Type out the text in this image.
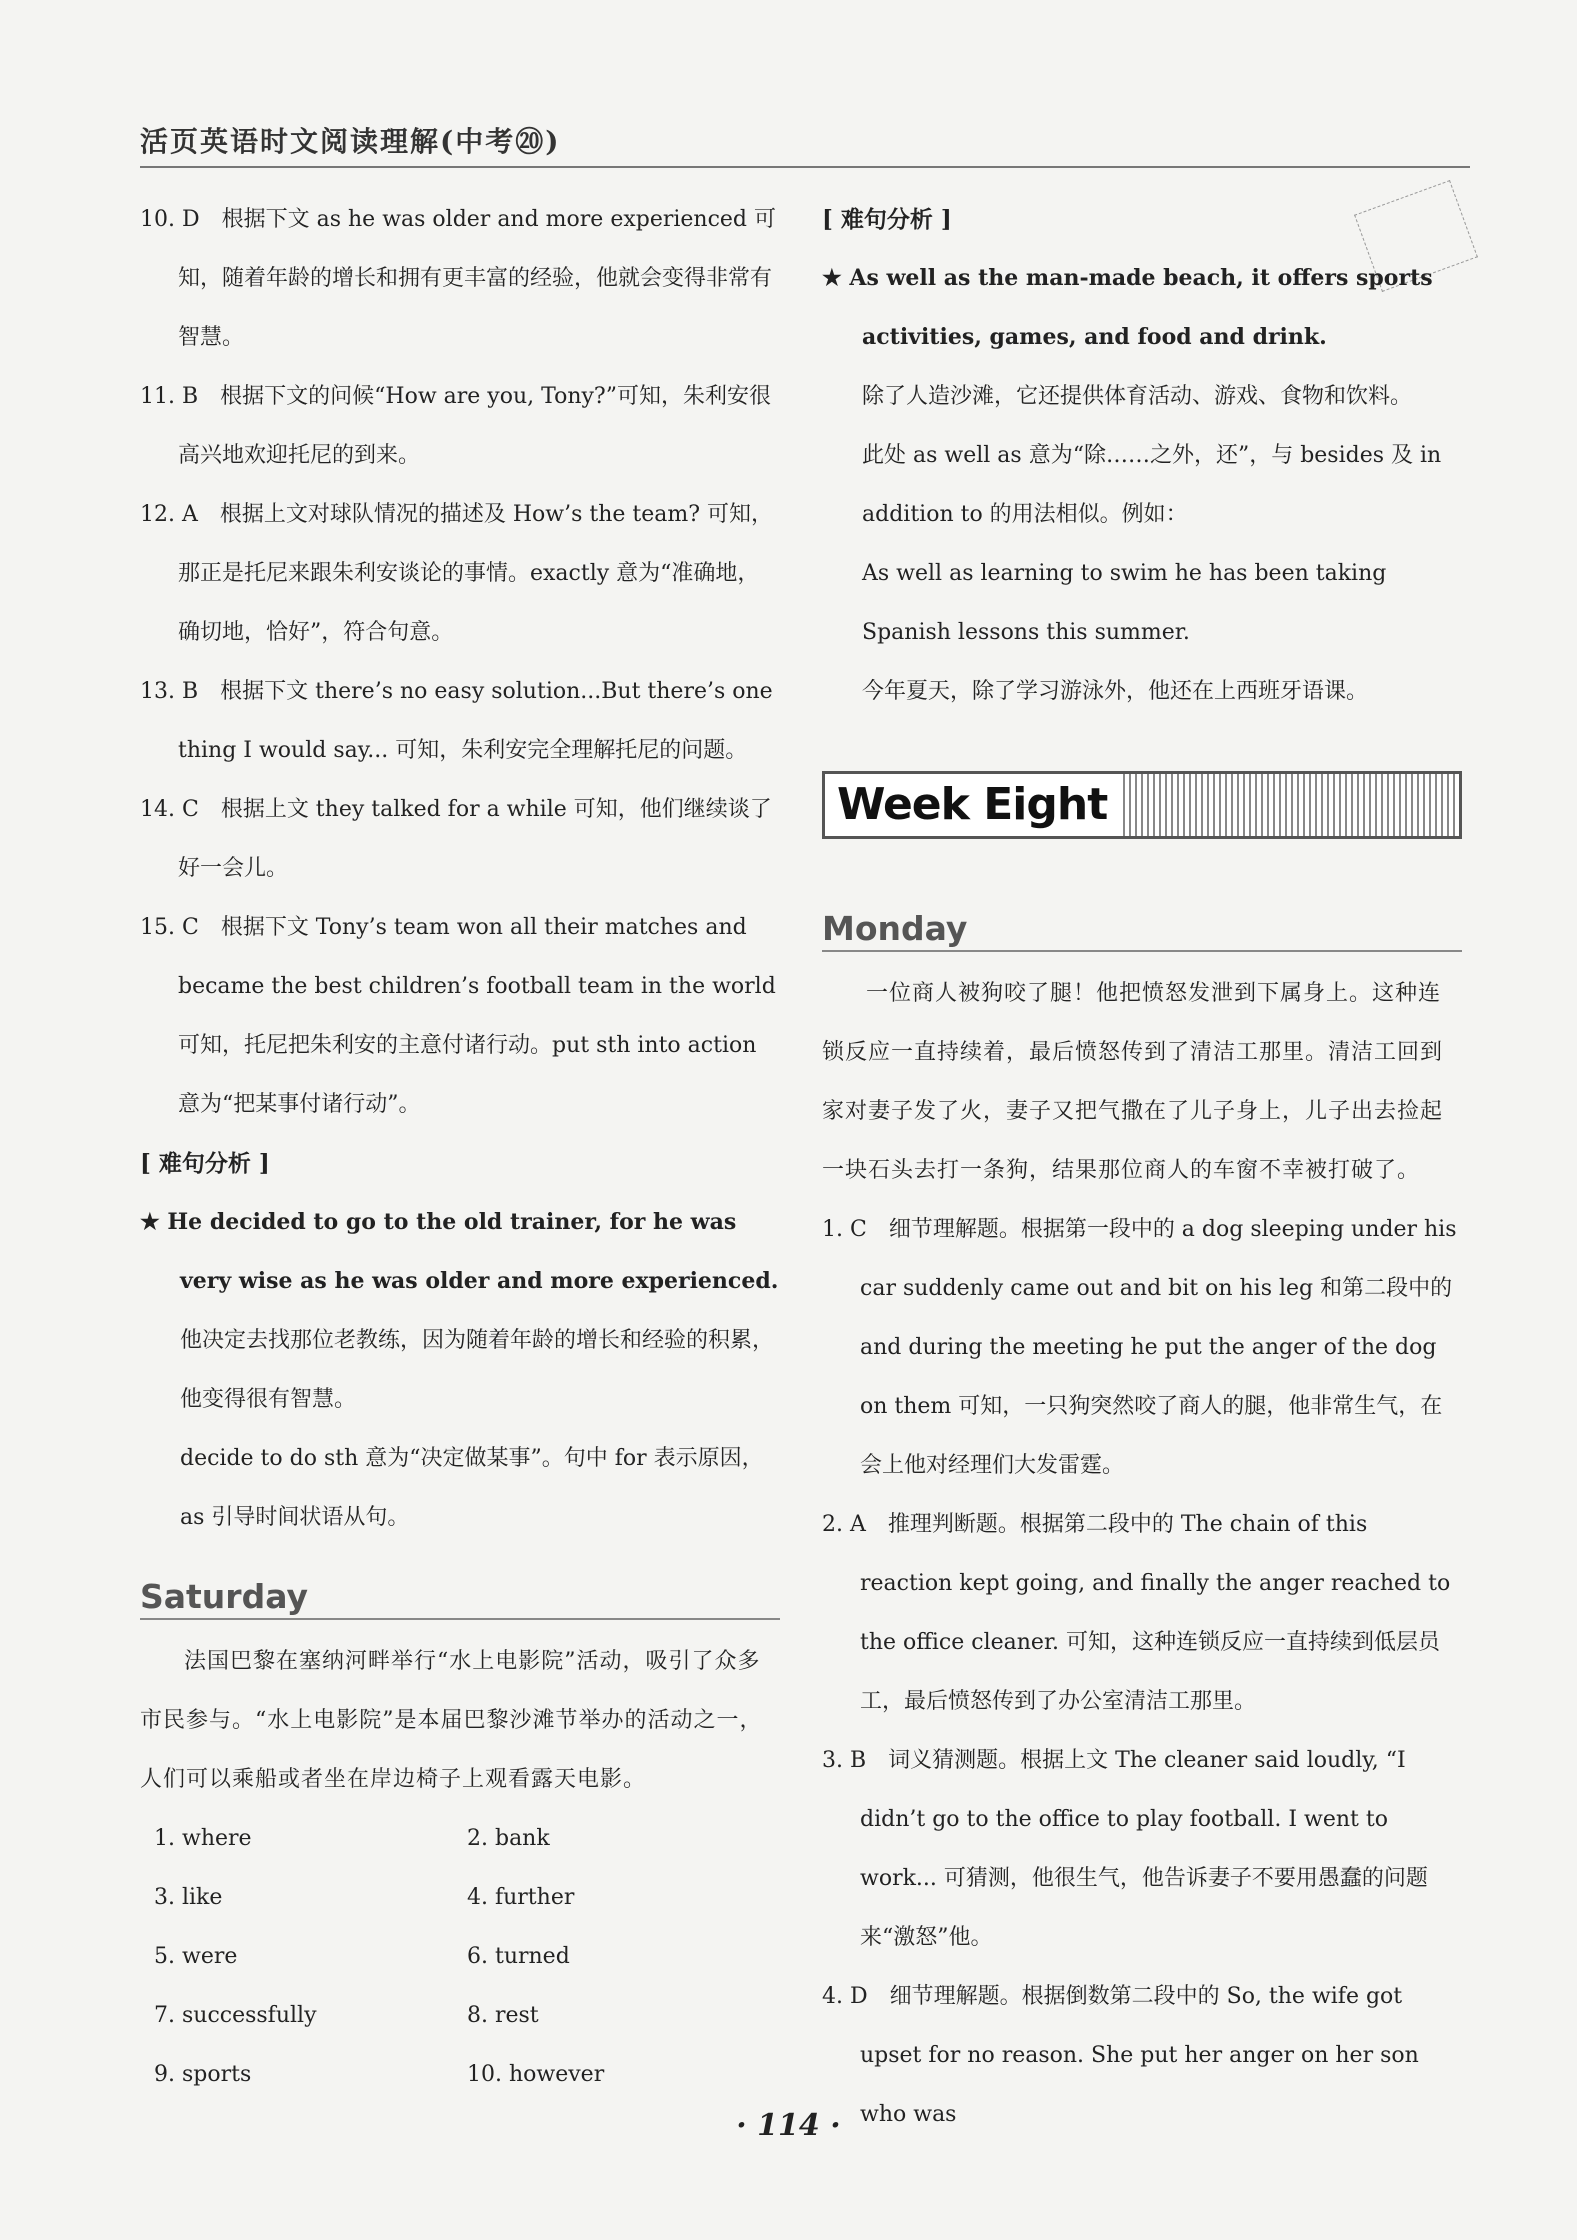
活页英语时文阅读理解(中考⑳)

10. D　根据下文 as he was older and more experienced 可知，随着年龄的增长和拥有更丰富的经验，他就会变得非常有智慧。

11. B　根据下文的问候“How are you, Tony?”可知，朱利安很高兴地欢迎托尼的到来。

12. A　根据上文对球队情况的描述及 How’s the team? 可知，那正是托尼来跟朱利安谈论的事情。exactly 意为“准确地，确切地，恰好”，符合句意。

13. B　根据下文 there’s no easy solution...But there’s one thing I would say... 可知，朱利安完全理解托尼的问题。

14. C　根据上文 they talked for a while 可知，他们继续谈了好一会儿。

15. C　根据下文 Tony’s team won all their matches and became the best children’s football team in the world 可知，托尼把朱利安的主意付诸行动。put sth into action 意为“把某事付诸行动”。

[ 难句分析 ]

★ He decided to go to the old trainer, for he was very wise as he was older and more experienced.

他决定去找那位老教练，因为随着年龄的增长和经验的积累，他变得很有智慧。

decide to do sth 意为“决定做某事”。句中 for 表示原因，as 引导时间状语从句。

Saturday

法国巴黎在塞纳河畔举行“水上电影院”活动，吸引了众多市民参与。“水上电影院”是本届巴黎沙滩节举办的活动之一，人们可以乘船或者坐在岸边椅子上观看露天电影。

1. where	2. bank
3. like	4. further
5. were	6. turned
7. successfully	8. rest
9. sports	10. however

[ 难句分析 ]

★ As well as the man-made beach, it offers sports activities, games, and food and drink.

除了人造沙滩，它还提供体育活动、游戏、食物和饮料。

此处 as well as 意为“除……之外，还”，与 besides 及 in addition to 的用法相似。例如：

As well as learning to swim he has been taking Spanish lessons this summer.

今年夏天，除了学习游泳外，他还在上西班牙语课。

Week Eight
Monday

一位商人被狗咬了腿！他把愤怒发泄到下属身上。这种连锁反应一直持续着，最后愤怒传到了清洁工那里。清洁工回到家对妻子发了火，妻子又把气撒在了儿子身上，儿子出去捡起一块石头去打一条狗，结果那位商人的车窗不幸被打破了。

1. C　细节理解题。根据第一段中的 a dog sleeping under his car suddenly came out and bit on his leg 和第二段中的 and during the meeting he put the anger of the dog on them 可知，一只狗突然咬了商人的腿，他非常生气，在会上他对经理们大发雷霆。

2. A　推理判断题。根据第二段中的 The chain of this reaction kept going, and finally the anger reached to the office cleaner. 可知，这种连锁反应一直持续到低层员工，最后愤怒传到了办公室清洁工那里。

3. B　词义猜测题。根据上文 The cleaner said loudly, “I didn’t go to the office to play football. I went to work... 可猜测，他很生气，他告诉妻子不要用愚蠢的问题来“激怒”他。

4. D　细节理解题。根据倒数第二段中的 So, the wife got upset for no reason. She put her anger on her son who was

· 114 ·
